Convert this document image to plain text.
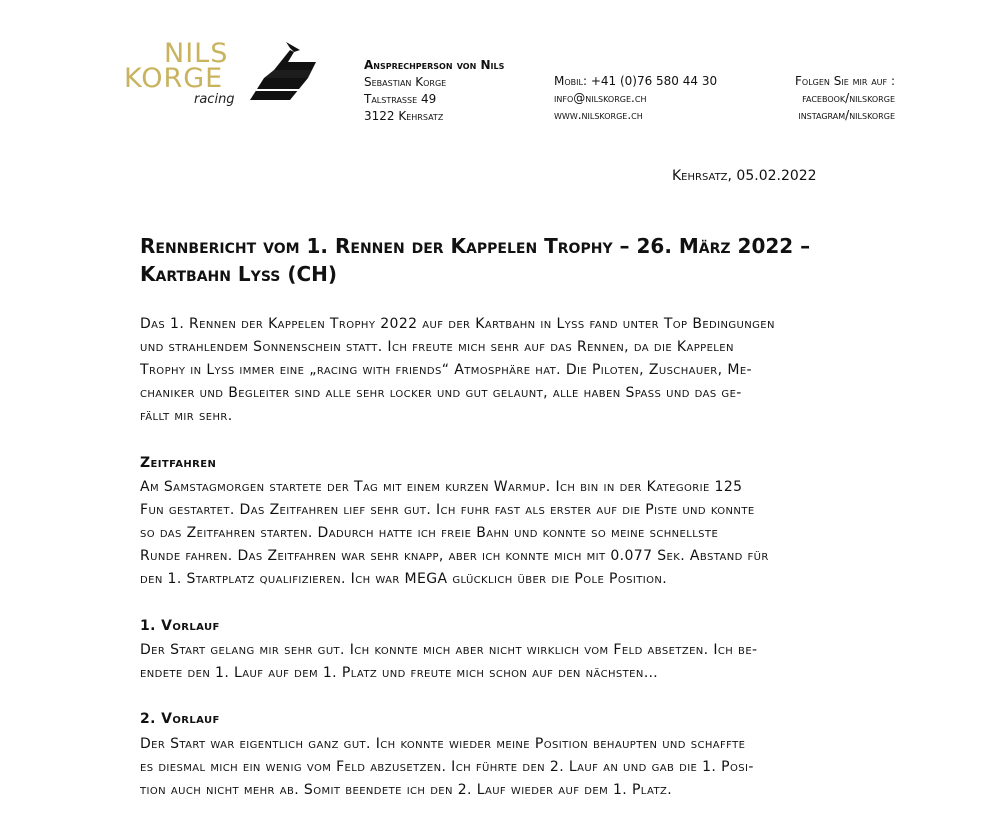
NILS
KORGE
racing
Ansprechperson von Nils
Sebastian Korge
Talstrasse 49
3122 Kehrsatz
Mobil: +41 (0)76 580 44 30
info@nilskorge.ch
www.nilskorge.ch
Folgen Sie mir auf :
facebook/nilskorge
instagram/nilskorge
Kehrsatz, 05.02.2022
Rennbericht vom 1. Rennen der Kappelen Trophy – 26. März 2022 –
Kartbahn Lyss (CH)
Das 1. Rennen der Kappelen Trophy 2022 auf der Kartbahn in Lyss fand unter Top Bedingungen
und strahlendem Sonnenschein statt. Ich freute mich sehr auf das Rennen, da die Kappelen
Trophy in Lyss immer eine „racing with friends“ Atmosphäre hat. Die Piloten, Zuschauer, Me-
chaniker und Begleiter sind alle sehr locker und gut gelaunt, alle haben Spass und das ge-
fällt mir sehr.
Zeitfahren
Am Samstagmorgen startete der Tag mit einem kurzen Warmup. Ich bin in der Kategorie 125
Fun gestartet. Das Zeitfahren lief sehr gut. Ich fuhr fast als erster auf die Piste und konnte
so das Zeitfahren starten. Dadurch hatte ich freie Bahn und konnte so meine schnellste
Runde fahren. Das Zeitfahren war sehr knapp, aber ich konnte mich mit 0.077 Sek. Abstand für
den 1. Startplatz qualifizieren. Ich war MEGA glücklich über die Pole Position.
1. Vorlauf
Der Start gelang mir sehr gut. Ich konnte mich aber nicht wirklich vom Feld absetzen. Ich be-
endete den 1. Lauf auf dem 1. Platz und freute mich schon auf den nächsten…
2. Vorlauf
Der Start war eigentlich ganz gut. Ich konnte wieder meine Position behaupten und schaffte
es diesmal mich ein wenig vom Feld abzusetzen. Ich führte den 2. Lauf an und gab die 1. Posi-
tion auch nicht mehr ab. Somit beendete ich den 2. Lauf wieder auf dem 1. Platz.
